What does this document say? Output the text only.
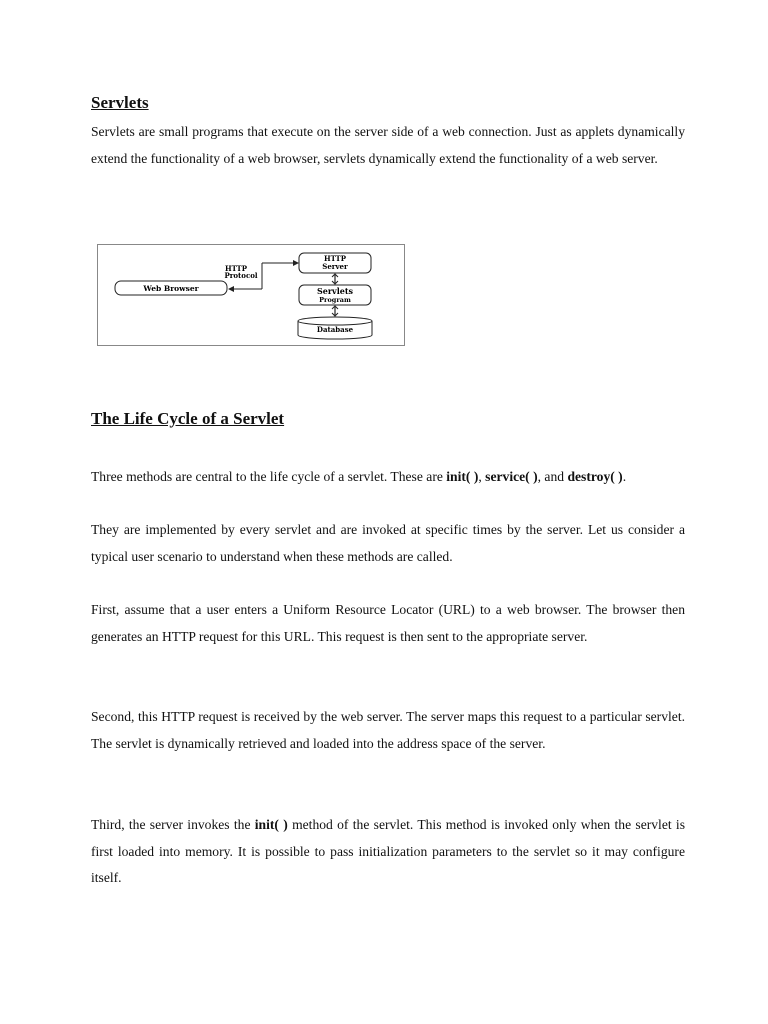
Servlets

Servlets are small programs that execute on the server side of a web connection. Just as applets dynamically extend the functionality of a web browser, servlets dynamically extend the functionality of a web server.

Web Browser
HTTP
Protocol
HTTP
Server
Servlets
Program
Database
The Life Cycle of a Servlet

Three methods are central to the life cycle of a servlet. These are init( ), service( ), and destroy( ).

They are implemented by every servlet and are invoked at specific times by the server. Let us consider a typical user scenario to understand when these methods are called.

First, assume that a user enters a Uniform Resource Locator (URL) to a web browser. The browser then generates an HTTP request for this URL. This request is then sent to the appropriate server.

Second, this HTTP request is received by the web server. The server maps this request to a particular servlet. The servlet is dynamically retrieved and loaded into the address space of the server.

Third, the server invokes the init( ) method of the servlet. This method is invoked only when the servlet is first loaded into memory. It is possible to pass initialization parameters to the servlet so it may configure itself.
